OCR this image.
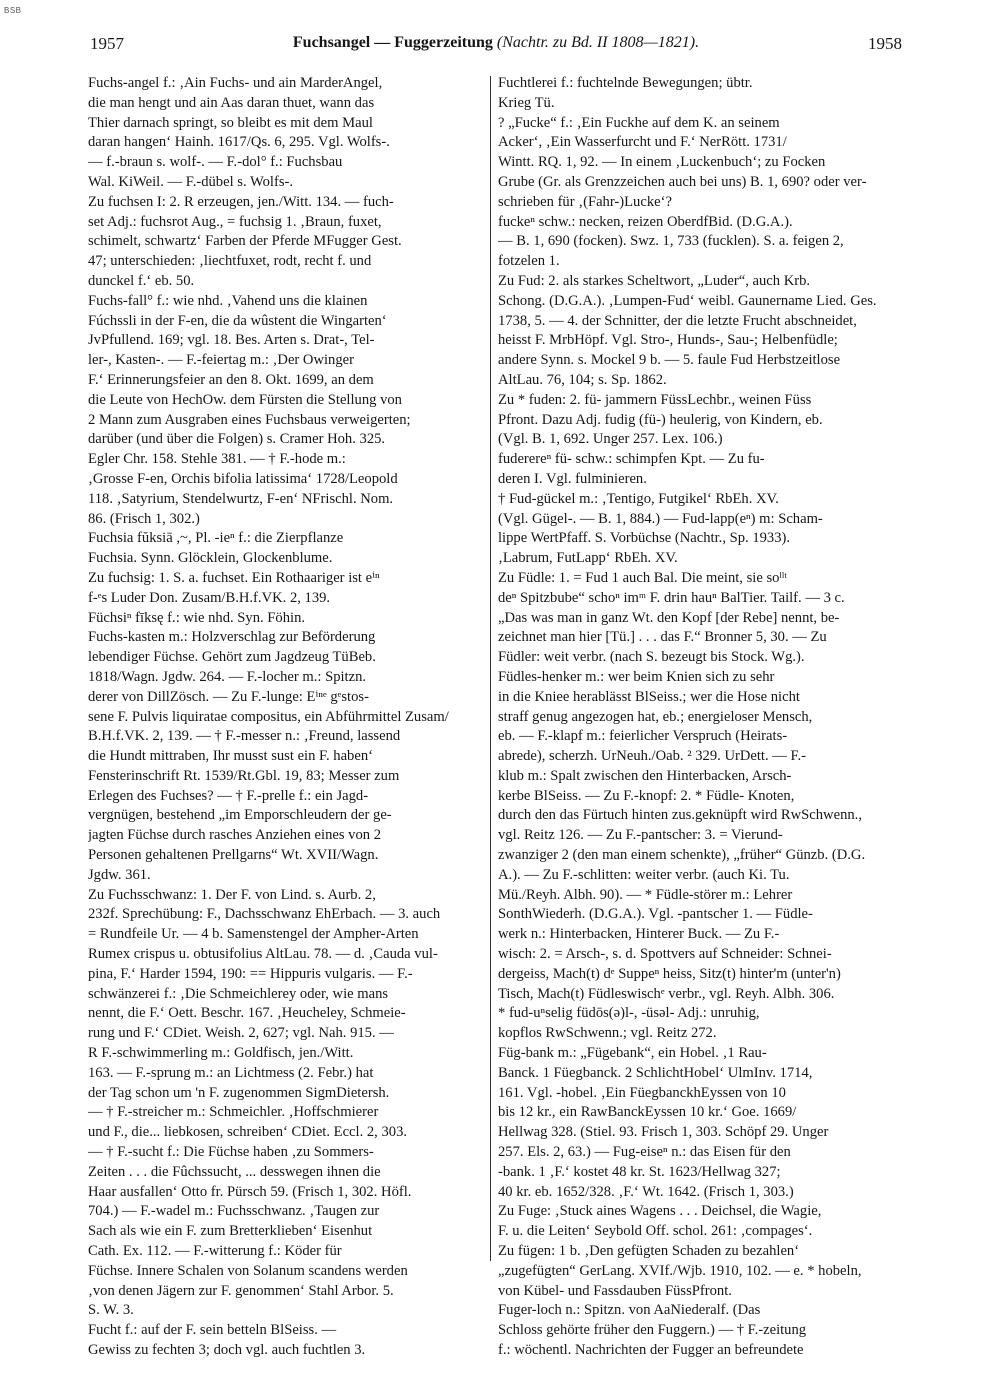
BSB
1957	Fuchsangel — Fuggerzeitung (Nachtr. zu Bd. II 1808—1821).	1958
Fuchs-angel f.: ‚Ain Fuchs- und ain MarderAngel,
die man hengt und ain Aas daran thuet, wann das
Thier darnach springt, so bleibt es mit dem Maul
daran hangen‘ Hainh. 1617/Qs. 6, 295. Vgl. Wolfs-.
— f.-braun s. wolf-. — F.-dol° f.: Fuchsbau
Wal. KiWeil. — F.-dübel s. Wolfs-.
Zu fuchsen I: 2. R erzeugen, jen./Witt. 134. — fuch-
set Adj.: fuchsrot Aug., = fuchsig 1. ‚Braun, fuxet,
schimelt, schwartz‘ Farben der Pferde MFugger Gest.
47; unterschieden: ‚liechtfuxet, rodt, recht f. und
dunckel f.‘ eb. 50.
Fuchs-fall° f.: wie nhd. ‚Vahend uns die klainen
Fúchssli in der F-en, die da wûstent die Wingarten‘
JvPfullend. 169; vgl. 18. Bes. Arten s. Drat-, Tel-
ler-, Kasten-. — F.-feiertag m.: ‚Der Owinger
F.‘ Erinnerungsfeier an den 8. Okt. 1699, an dem
die Leute von HechOw. dem Fürsten die Stellung von
2 Mann zum Ausgraben eines Fuchsbaus verweigerten;
darüber (und über die Folgen) s. Cramer Hoh. 325.
Egler Chr. 158. Stehle 381. — † F.-hode m.:
‚Grosse F-en, Orchis bifolia latissima‘ 1728/Leopold
118. ‚Satyrium, Stendelwurtz, F-en‘ NFrischl. Nom.
86. (Frisch 1, 302.)
Fuchsia fŭksiā ,~, Pl. -ieⁿ f.: die Zierpflanze
Fuchsia. Synn. Glöcklein, Glockenblume.
Zu fuchsig: 1. S. a. fuchset. Ein Rothaariger ist eⁱⁿ
f-ᵉs Luder Don. Zusam/B.H.f.VK. 2, 139.
Füchsiⁿ fīksę f.: wie nhd. Syn. Föhin.
Fuchs-kasten m.: Holzverschlag zur Beförderung
lebendiger Füchse. Gehört zum Jagdzeug TüBeb.
1818/Wagn. Jgdw. 264. — F.-locher m.: Spitzn.
derer von DillZösch. — Zu F.-lunge: Eⁱⁿᵉ gᵉstos-
sene F. Pulvis liquiratae compositus, ein Abführmittel Zusam/
B.H.f.VK. 2, 139. — † F.-messer n.: ‚Freund, lassend
die Hundt mittraben, Ihr musst sust ein F. haben‘
Fensterinschrift Rt. 1539/Rt.Gbl. 19, 83; Messer zum
Erlegen des Fuchses? — † F.-prelle f.: ein Jagd-
vergnügen, bestehend „im Emporschleudern der ge-
jagten Füchse durch rasches Anziehen eines von 2
Personen gehaltenen Prellgarns“ Wt. XVII/Wagn.
Jgdw. 361.
Zu Fuchsschwanz: 1. Der F. von Lind. s. Aurb. 2,
232f. Sprechübung: F., Dachsschwanz EhErbach. — 3. auch
= Rundfeile Ur. — 4 b. Samenstengel der Ampher-Arten
Rumex crispus u. obtusifolius AltLau. 78. — d. ‚Cauda vul-
pina, F.‘ Harder 1594, 190: == Hippuris vulgaris. — F.-
schwänzerei f.: ‚Die Schmeichlerey oder, wie mans
nennt, die F.‘ Oett. Beschr. 167. ‚Heucheley, Schmeie-
rung und F.‘ CDiet. Weish. 2, 627; vgl. Nah. 915. —
R F.-schwimmerling m.: Goldfisch, jen./Witt.
163. — F.-sprung m.: an Lichtmess (2. Febr.) hat
der Tag schon um 'n F. zugenommen SigmDietersh.
— † F.-streicher m.: Schmeichler. ‚Hoffschmierer
und F., die... liebkosen, schreiben‘ CDiet. Eccl. 2, 303.
— † F.-sucht f.: Die Füchse haben ‚zu Sommers-
Zeiten . . . die Fûchssucht, ... desswegen ihnen die
Haar ausfallen‘ Otto fr. Pürsch 59. (Frisch 1, 302. Höfl.
704.) — F.-wadel m.: Fuchsschwanz. ‚Taugen zur
Sach als wie ein F. zum Bretterklieben‘ Eisenhut
Cath. Ex. 112. — F.-witterung f.: Köder für
Füchse. Innere Schalen von Solanum scandens werden
‚von denen Jägern zur F. genommen‘ Stahl Arbor. 5.
S. W. 3.
Fucht f.: auf der F. sein betteln BlSeiss. —
Gewiss zu fechten 3; doch vgl. auch fuchtlen 3.
Fuchtlerei f.: fuchtelnde Bewegungen; übtr.
Krieg Tü.
? „Fucke“ f.: ‚Ein Fuckhe auf dem K. an seinem
Acker‘, ‚Ein Wasserfurcht und F.‘ NerRött. 1731/
Wintt. RQ. 1, 92. — In einem ‚Luckenbuch‘; zu Focken
Grube (Gr. als Grenzzeichen auch bei uns) B. 1, 690? oder ver-
schrieben für ‚(Fahr-)Lucke‘?
fuckeⁿ schw.: necken, reizen OberdfBid. (D.G.A.).
— B. 1, 690 (focken). Swz. 1, 733 (fucklen). S. a. feigen 2,
fotzelen 1.
Zu Fud: 2. als starkes Scheltwort, „Luder“, auch Krb.
Schong. (D.G.A.). ‚Lumpen-Fud‘ weibl. Gaunername Lied. Ges.
1738, 5. — 4. der Schnitter, der die letzte Frucht abschneidet,
heisst F. MrbHöpf. Vgl. Stro-, Hunds-, Sau-; Helbenfüdle;
andere Synn. s. Mockel 9 b. — 5. faule Fud Herbstzeitlose
AltLau. 76, 104; s. Sp. 1862.
Zu * fuden: 2. fü- jammern FüssLechbr., weinen Füss
Pfront. Dazu Adj. fudig (fü-) heulerig, von Kindern, eb.
(Vgl. B. 1, 692. Unger 257. Lex. 106.)
fuderereⁿ fü- schw.: schimpfen Kpt. — Zu fu-
deren I. Vgl. fulminieren.
† Fud-gückel m.: ‚Tentigo, Futgikel‘ RbEh. XV.
(Vgl. Gügel-. — B. 1, 884.) — Fud-lapp(eⁿ) m: Scham-
lippe WertPfaff. S. Vorbüchse (Nachtr., Sp. 1933).
‚Labrum, FutLapp‘ RbEh. XV.
Zu Füdle: 1. = Fud 1 auch Bal. Die meint, sie soˡˡᵗ
deⁿ Spitzbube“ schoⁿ imᵐ F. drin hauⁿ BalTier. Tailf. — 3 c.
„Das was man in ganz Wt. den Kopf [der Rebe] nennt, be-
zeichnet man hier [Tü.] . . . das F.“ Bronner 5, 30. — Zu
Füdler: weit verbr. (nach S. bezeugt bis Stock. Wg.).
Füdles-henker m.: wer beim Knien sich zu sehr
in die Kniee herablässt BlSeiss.; wer die Hose nicht
straff genug angezogen hat, eb.; energieloser Mensch,
eb. — F.-klapf m.: feierlicher Verspruch (Heirats-
abrede), scherzh. UrNeuh./Oab. ² 329. UrDett. — F.-
klub m.: Spalt zwischen den Hinterbacken, Arsch-
kerbe BlSeiss. — Zu F.-knopf: 2. * Füdle- Knoten,
durch den das Fürtuch hinten zus.geknüpft wird RwSchwenn.,
vgl. Reitz 126. — Zu F.-pantscher: 3. = Vierund-
zwanziger 2 (den man einem schenkte), „früher“ Günzb. (D.G.
A.). — Zu F.-schlitten: weiter verbr. (auch Ki. Tu.
Mü./Reyh. Albh. 90). — * Füdle-störer m.: Lehrer
SonthWiederh. (D.G.A.). Vgl. -pantscher 1. — Füdle-
werk n.: Hinterbacken, Hinterer Buck. — Zu F.-
wisch: 2. = Arsch-, s. d. Spottvers auf Schneider: Schnei-
dergeiss, Mach(t) dᵉ Suppeⁿ heiss, Sitz(t) hinter'm (unter'n)
Tisch, Mach(t) Füdleswischᵉ verbr., vgl. Reyh. Albh. 306.
* fud-uⁿselig füdōs(ə)l-, -üsəl- Adj.: unruhig,
kopflos RwSchwenn.; vgl. Reitz 272.
Füg-bank m.: „Fügebank“, ein Hobel. ‚1 Rau-
Banck. 1 Füegbanck. 2 SchlichtHobel‘ UlmInv. 1714,
161. Vgl. -hobel. ‚Ein FüegbanckhEyssen von 10
bis 12 kr., ein RawBanckEyssen 10 kr.‘ Goe. 1669/
Hellwag 328. (Stiel. 93. Frisch 1, 303. Schöpf 29. Unger
257. Els. 2, 63.) — Fug-eiseⁿ n.: das Eisen für den
-bank. 1 ‚F.‘ kostet 48 kr. St. 1623/Hellwag 327;
40 kr. eb. 1652/328. ‚F.‘ Wt. 1642. (Frisch 1, 303.)
Zu Fuge: ‚Stuck aines Wagens . . . Deichsel, die Wagie,
F. u. die Leiten‘ Seybold Off. schol. 261: ‚compages‘.
Zu fügen: 1 b. ‚Den gefügten Schaden zu bezahlen‘
„zugefügten“ GerLang. XVIf./Wjb. 1910, 102. — e. * hobeln,
von Kübel- und Fassdauben FüssPfront.
Fuger-loch n.: Spitzn. von AaNiederalf. (Das
Schloss gehörte früher den Fuggern.) — † F.-zeitung
f.: wöchentl. Nachrichten der Fugger an befreundete
